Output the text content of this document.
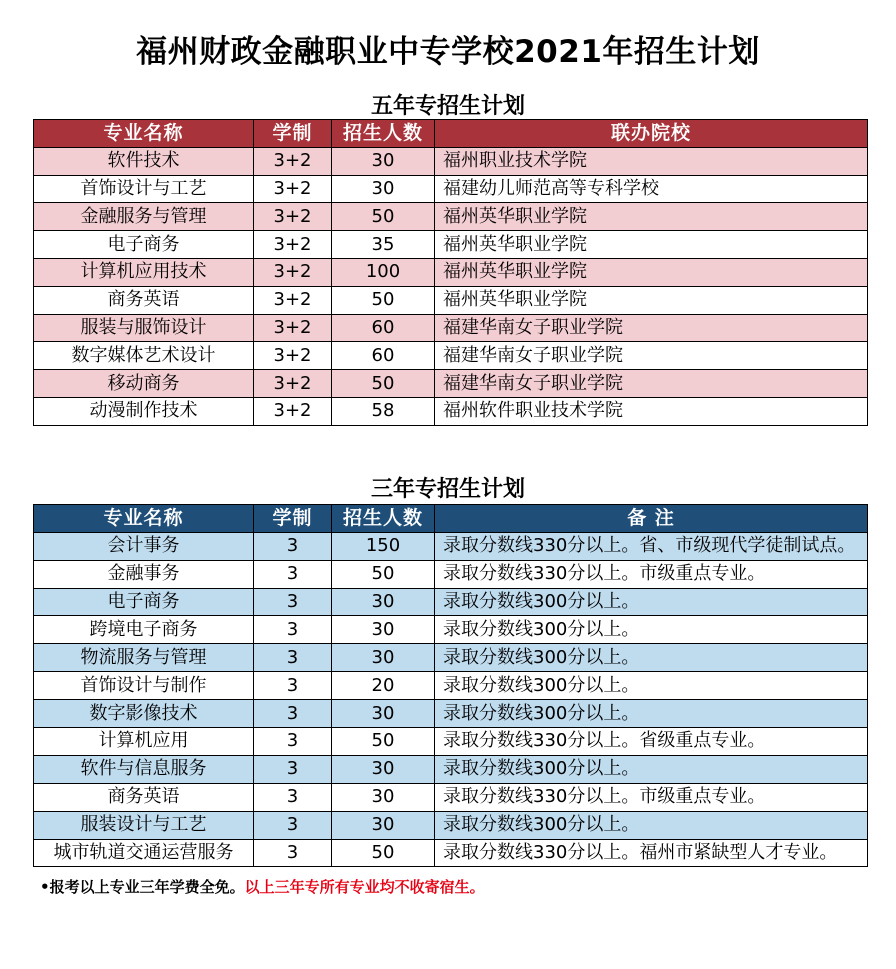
福州财政金融职业中专学校2021年招生计划
五年专招生计划
专业名称	学制	招生人数	联办院校
软件技术	3+2	30	福州职业技术学院
首饰设计与工艺	3+2	30	福建幼儿师范高等专科学校
金融服务与管理	3+2	50	福州英华职业学院
电子商务	3+2	35	福州英华职业学院
计算机应用技术	3+2	100	福州英华职业学院
商务英语	3+2	50	福州英华职业学院
服装与服饰设计	3+2	60	福建华南女子职业学院
数字媒体艺术设计	3+2	60	福建华南女子职业学院
移动商务	3+2	50	福建华南女子职业学院
动漫制作技术	3+2	58	福州软件职业技术学院
三年专招生计划
专业名称	学制	招生人数	备 注
会计事务	3	150	录取分数线330分以上。省、市级现代学徒制试点。
金融事务	3	50	录取分数线330分以上。市级重点专业。
电子商务	3	30	录取分数线300分以上。
跨境电子商务	3	30	录取分数线300分以上。
物流服务与管理	3	30	录取分数线300分以上。
首饰设计与制作	3	20	录取分数线300分以上。
数字影像技术	3	30	录取分数线300分以上。
计算机应用	3	50	录取分数线330分以上。省级重点专业。
软件与信息服务	3	30	录取分数线300分以上。
商务英语	3	30	录取分数线330分以上。市级重点专业。
服装设计与工艺	3	30	录取分数线300分以上。
城市轨道交通运营服务	3	50	录取分数线330分以上。福州市紧缺型人才专业。
•报考以上专业三年学费全免。以上三年专所有专业均不收寄宿生。
